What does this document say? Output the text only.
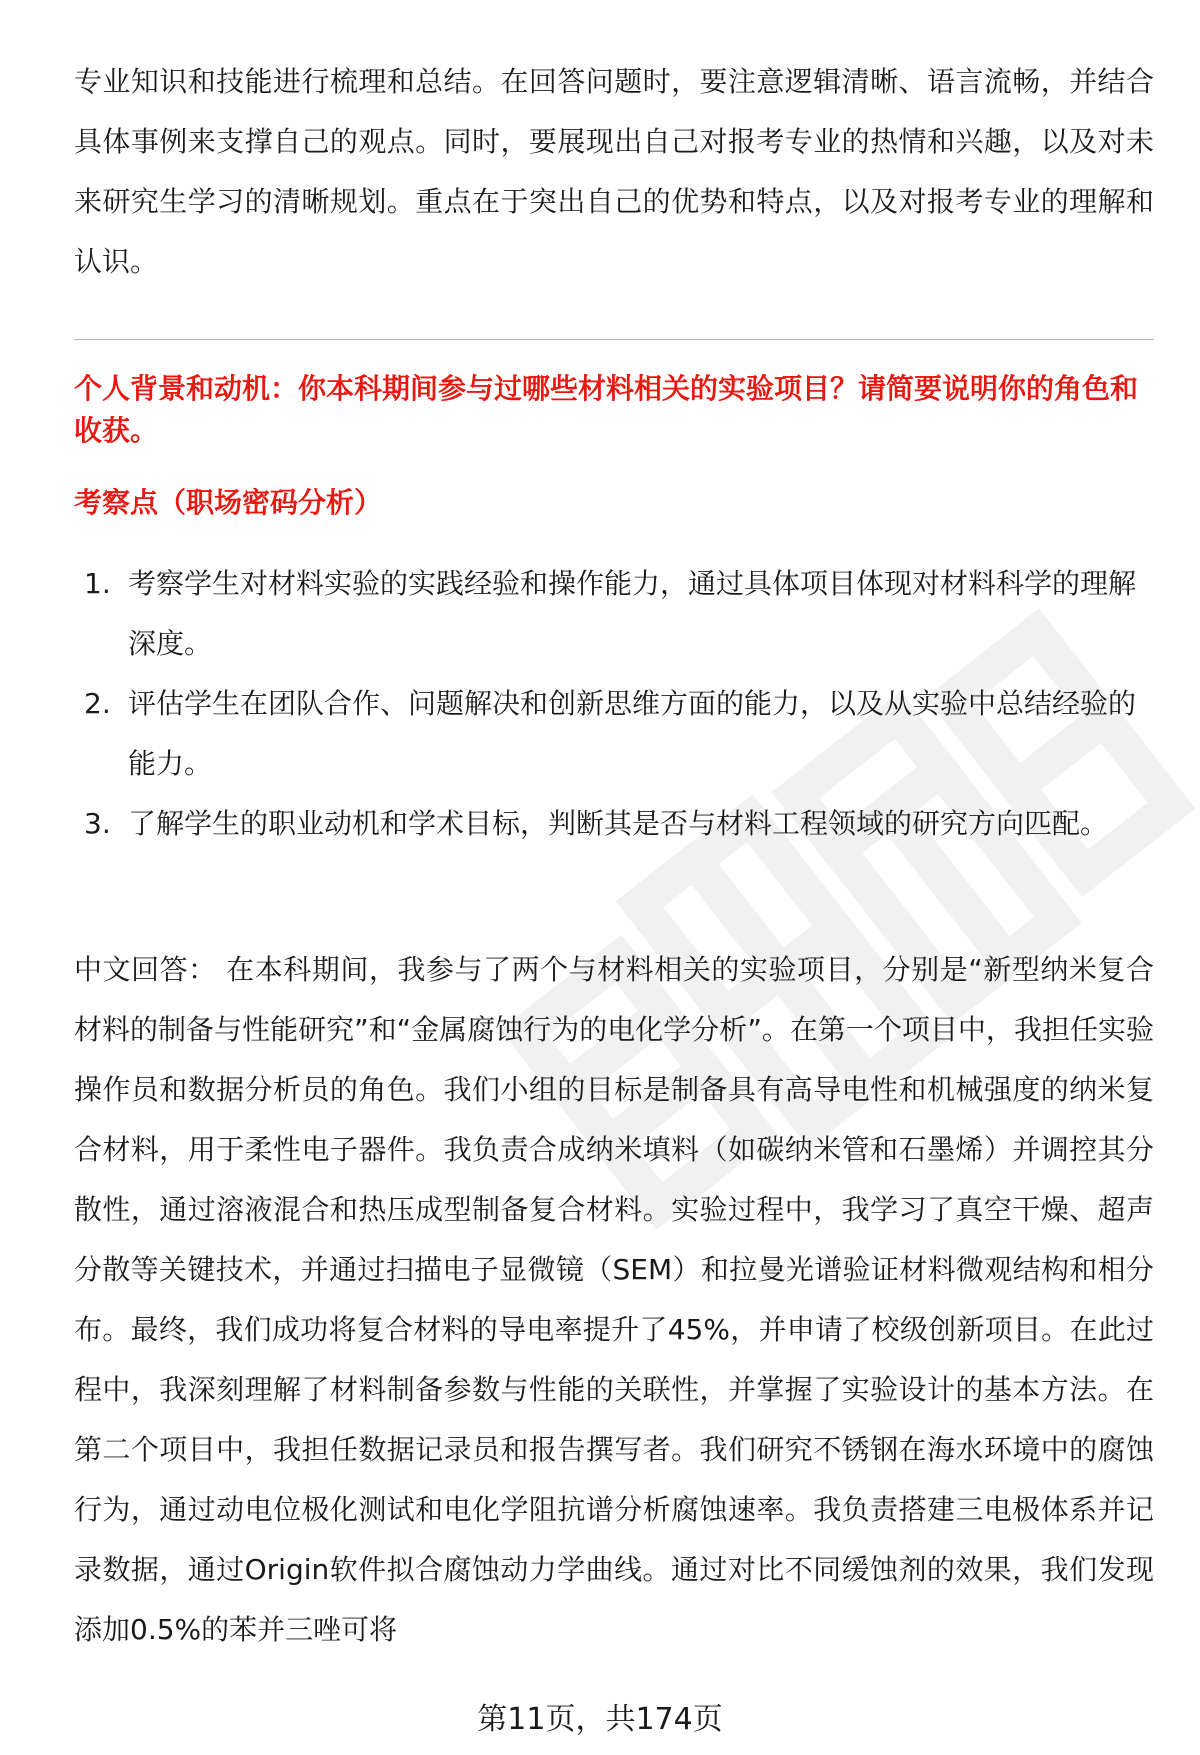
专业知识和技能进行梳理和总结。在回答问题时，要注意逻辑清晰、语言流畅，并结合具体事例来支撑自己的观点。同时，要展现出自己对报考专业的热情和兴趣，以及对未来研究生学习的清晰规划。重点在于突出自己的优势和特点，以及对报考专业的理解和认识。

个人背景和动机：你本科期间参与过哪些材料相关的实验项目？请简要说明你的角色和收获。

考察点（职场密码分析）

1. 考察学生对材料实验的实践经验和操作能力，通过具体项目体现对材料科学的理解深度。
2. 评估学生在团队合作、问题解决和创新思维方面的能力，以及从实验中总结经验的能力。
3. 了解学生的职业动机和学术目标，判断其是否与材料工程领域的研究方向匹配。

中文回答： 在本科期间，我参与了两个与材料相关的实验项目，分别是“新型纳米复合材料的制备与性能研究”和“金属腐蚀行为的电化学分析”。在第一个项目中，我担任实验操作员和数据分析员的角色。我们小组的目标是制备具有高导电性和机械强度的纳米复合材料，用于柔性电子器件。我负责合成纳米填料（如碳纳米管和石墨烯）并调控其分散性，通过溶液混合和热压成型制备复合材料。实验过程中，我学习了真空干燥、超声分散等关键技术，并通过扫描电子显微镜（SEM）和拉曼光谱验证材料微观结构和相分布。最终，我们成功将复合材料的导电率提升了45%，并申请了校级创新项目。在此过程中，我深刻理解了材料制备参数与性能的关联性，并掌握了实验设计的基本方法。在第二个项目中，我担任数据记录员和报告撰写者。我们研究不锈钢在海水环境中的腐蚀行为，通过动电位极化测试和电化学阻抗谱分析腐蚀速率。我负责搭建三电极体系并记录数据，通过Origin软件拟合腐蚀动力学曲线。通过对比不同缓蚀剂的效果，我们发现添加0.5%的苯并三唑可将

第11页，共174页
